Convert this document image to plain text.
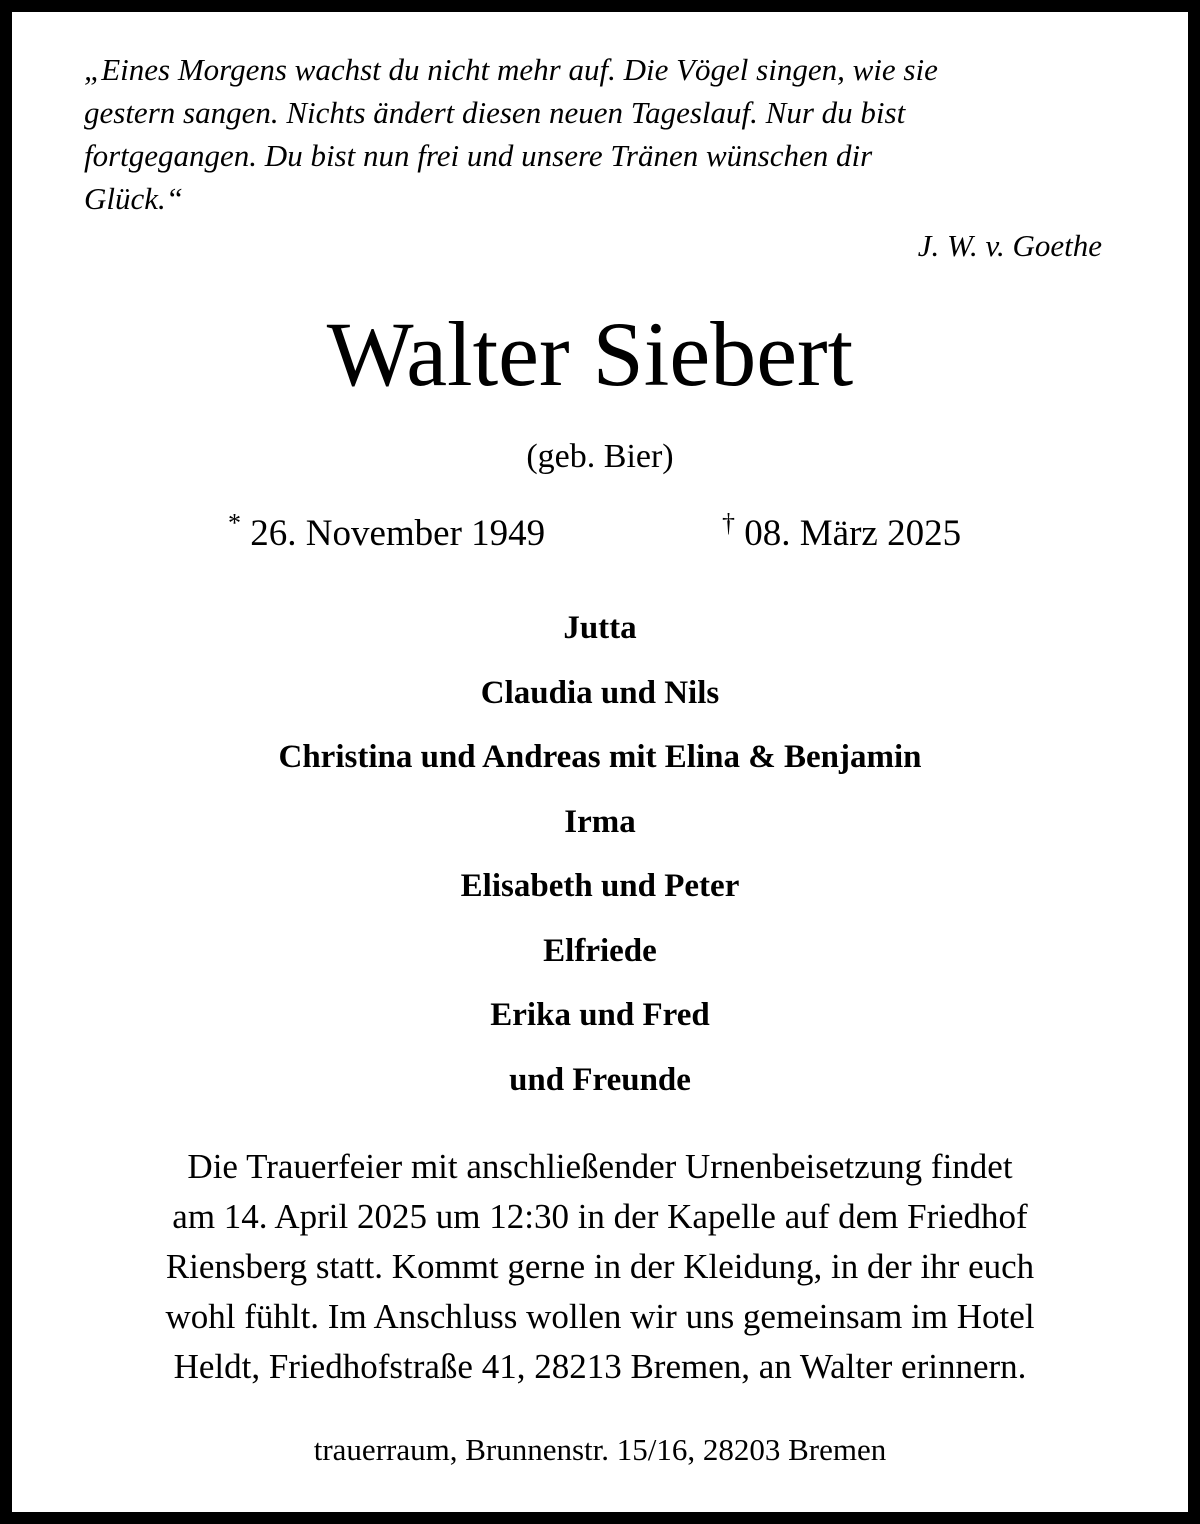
„Eines Morgens wachst du nicht mehr auf. Die Vögel singen, wie sie
gestern sangen. Nichts ändert diesen neuen Tageslauf. Nur du bist
fortgegangen. Du bist nun frei und unsere Tränen wünschen dir
Glück.“
J. W. v. Goethe
Walter Siebert
(geb. Bier)
* 26. November 1949	† 08. März 2025
Jutta
Claudia und Nils
Christina und Andreas mit Elina & Benjamin
Irma
Elisabeth und Peter
Elfriede
Erika und Fred
und Freunde
Die Trauerfeier mit anschließender Urnenbeisetzung findet
am 14. April 2025 um 12:30 in der Kapelle auf dem Friedhof
Riensberg statt. Kommt gerne in der Kleidung, in der ihr euch
wohl fühlt. Im Anschluss wollen wir uns gemeinsam im Hotel
Heldt, Friedhofstraße 41, 28213 Bremen, an Walter erinnern.
trauerraum, Brunnenstr. 15/16, 28203 Bremen
